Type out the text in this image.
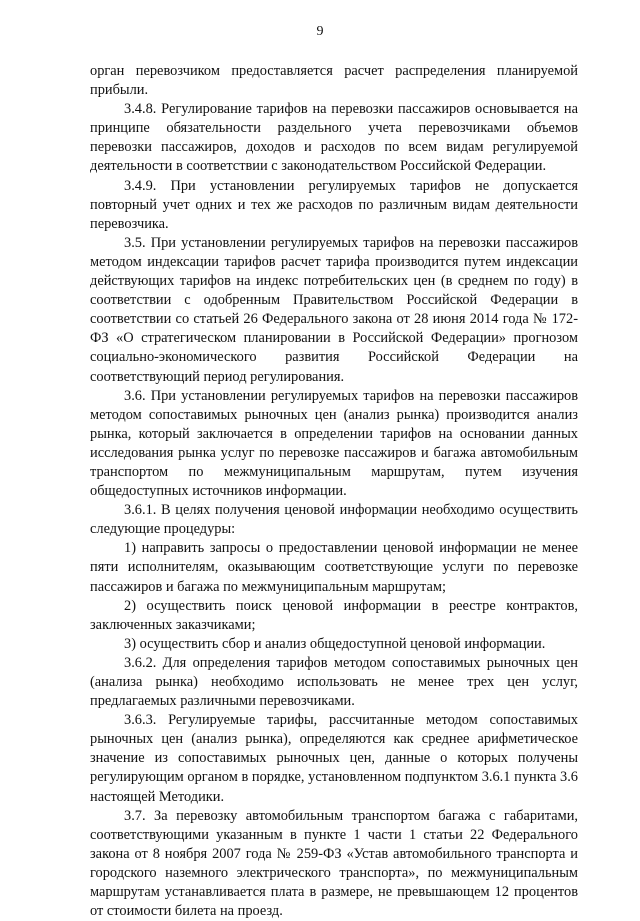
9

орган перевозчиком предоставляется расчет распределения планируемой прибыли.

3.4.8. Регулирование тарифов на перевозки пассажиров основывается на принципе обязательности раздельного учета перевозчиками объемов перевозки пассажиров, доходов и расходов по всем видам регулируемой деятельности в соответствии с законодательством Российской Федерации.

3.4.9. При установлении регулируемых тарифов не допускается повторный учет одних и тех же расходов по различным видам деятельности перевозчика.

3.5. При установлении регулируемых тарифов на перевозки пассажиров методом индексации тарифов расчет тарифа производится путем индексации действующих тарифов на индекс потребительских цен (в среднем по году) в соответствии с одобренным Правительством Российской Федерации в соответствии со статьей 26 Федерального закона от 28 июня 2014 года № 172-ФЗ «О стратегическом планировании в Российской Федерации» прогнозом социально-экономического развития Российской Федерации на соответствующий период регулирования.

3.6. При установлении регулируемых тарифов на перевозки пассажиров методом сопоставимых рыночных цен (анализ рынка) производится анализ рынка, который заключается в определении тарифов на основании данных исследования рынка услуг по перевозке пассажиров и багажа автомобильным транспортом по межмуниципальным маршрутам, путем изучения общедоступных источников информации.

3.6.1. В целях получения ценовой информации необходимо осуществить следующие процедуры:

1) направить запросы о предоставлении ценовой информации не менее пяти исполнителям, оказывающим соответствующие услуги по перевозке пассажиров и багажа по межмуниципальным маршрутам;

2) осуществить поиск ценовой информации в реестре контрактов, заключенных заказчиками;

3) осуществить сбор и анализ общедоступной ценовой информации.

3.6.2. Для определения тарифов методом сопоставимых рыночных цен (анализа рынка) необходимо использовать не менее трех цен услуг, предлагаемых различными перевозчиками.

3.6.3. Регулируемые тарифы, рассчитанные методом сопоставимых рыночных цен (анализ рынка), определяются как среднее арифметическое значение из сопоставимых рыночных цен, данные о которых получены регулирующим органом в порядке, установленном подпунктом 3.6.1 пункта 3.6 настоящей Методики.

3.7. За перевозку автомобильным транспортом багажа с габаритами, соответствующими указанным в пункте 1 части 1 статьи 22 Федерального закона от 8 ноября 2007 года № 259-ФЗ «Устав автомобильного транспорта и городского наземного электрического транспорта», по межмуниципальным маршрутам устанавливается плата в размере, не превышающем 12 процентов от стоимости билета на проезд.
